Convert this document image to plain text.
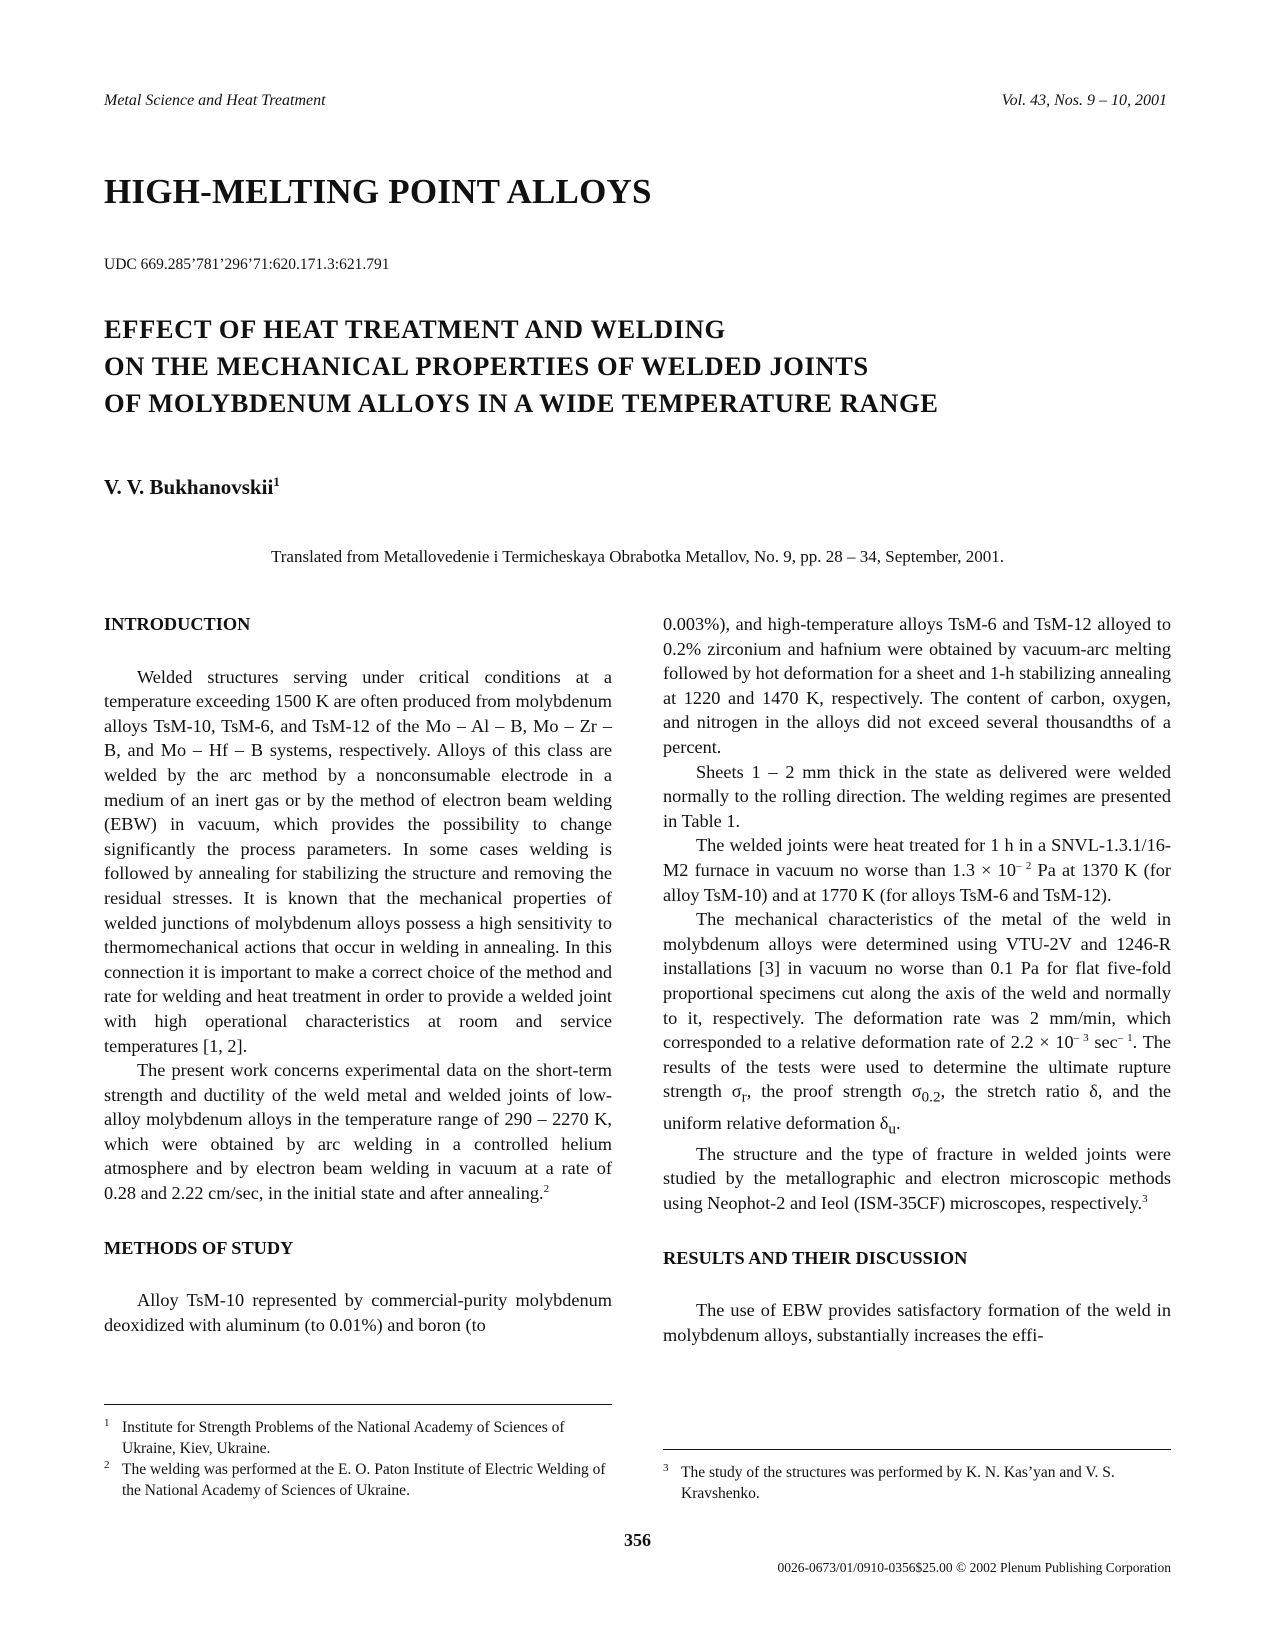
Metal Science and Heat Treatment	Vol. 43, Nos. 9 – 10, 2001
HIGH-MELTING POINT ALLOYS
UDC 669.285’781’296’71:620.171.3:621.791
EFFECT OF HEAT TREATMENT AND WELDING
ON THE MECHANICAL PROPERTIES OF WELDED JOINTS
OF MOLYBDENUM ALLOYS IN A WIDE TEMPERATURE RANGE
V. V. Bukhanovskii$^1$
Translated from Metallovedenie i Termicheskaya Obrabotka Metallov, No. 9, pp. 28 – 34, September, 2001.
INTRODUCTION

Welded structures serving under critical conditions at a temperature exceeding 1500 K are often produced from molybdenum alloys TsM-10, TsM-6, and TsM-12 of the Mo – Al – B, Mo – Zr – B, and Mo – Hf – B systems, respectively. Alloys of this class are welded by the arc method by a nonconsumable electrode in a medium of an inert gas or by the method of electron beam welding (EBW) in vacuum, which provides the possibility to change significantly the process parameters. In some cases welding is followed by annealing for stabilizing the structure and removing the residual stresses. It is known that the mechanical properties of welded junctions of molybdenum alloys possess a high sensitivity to thermomechanical actions that occur in welding in annealing. In this connection it is important to make a correct choice of the method and rate for welding and heat treatment in order to provide a welded joint with high operational characteristics at room and service temperatures [1, 2].

The present work concerns experimental data on the short-term strength and ductility of the weld metal and welded joints of low-alloy molybdenum alloys in the temperature range of 290 – 2270 K, which were obtained by arc welding in a controlled helium atmosphere and by electron beam welding in vacuum at a rate of 0.28 and 2.22 cm/sec, in the initial state and after annealing.$^2$

METHODS OF STUDY

Alloy TsM-10 represented by commercial-purity molybdenum deoxidized with aluminum (to 0.01%) and boron (to

1 Institute for Strength Problems of the National Academy of Sciences of Ukraine, Kiev, Ukraine.
2 The welding was performed at the E. O. Paton Institute of Electric Welding of the National Academy of Sciences of Ukraine.

0.003%), and high-temperature alloys TsM-6 and TsM-12 alloyed to 0.2% zirconium and hafnium were obtained by vacuum-arc melting followed by hot deformation for a sheet and 1-h stabilizing annealing at 1220 and 1470 K, respectively. The content of carbon, oxygen, and nitrogen in the alloys did not exceed several thousandths of a percent.

Sheets 1 – 2 mm thick in the state as delivered were welded normally to the rolling direction. The welding regimes are presented in Table 1.

The welded joints were heat treated for 1 h in a SNVL-1.3.1/16-M2 furnace in vacuum no worse than 1.3 × 10$^{- 2}$ Pa at 1370 K (for alloy TsM-10) and at 1770 K (for alloys TsM-6 and TsM-12).

The mechanical characteristics of the metal of the weld in molybdenum alloys were determined using VTU-2V and 1246-R installations [3] in vacuum no worse than 0.1 Pa for flat five-fold proportional specimens cut along the axis of the weld and normally to it, respectively. The deformation rate was 2 mm/min, which corresponded to a relative deformation rate of 2.2 × 10$^{- 3}$ sec$^{- 1}$. The results of the tests were used to determine the ultimate rupture strength $\sigma_r$, the proof strength $\sigma_{0.2}$, the stretch ratio δ, and the uniform relative deformation $\delta_u$.

The structure and the type of fracture in welded joints were studied by the metallographic and electron microscopic methods using Neophot-2 and Ieol (ISM-35CF) microscopes, respectively.$^3$

RESULTS AND THEIR DISCUSSION

The use of EBW provides satisfactory formation of the weld in molybdenum alloys, substantially increases the effi-

3 The study of the structures was performed by K. N. Kas’yan and V. S. Kravshenko.
356
0026-0673/01/0910-0356$25.00 © 2002 Plenum Publishing Corporation
